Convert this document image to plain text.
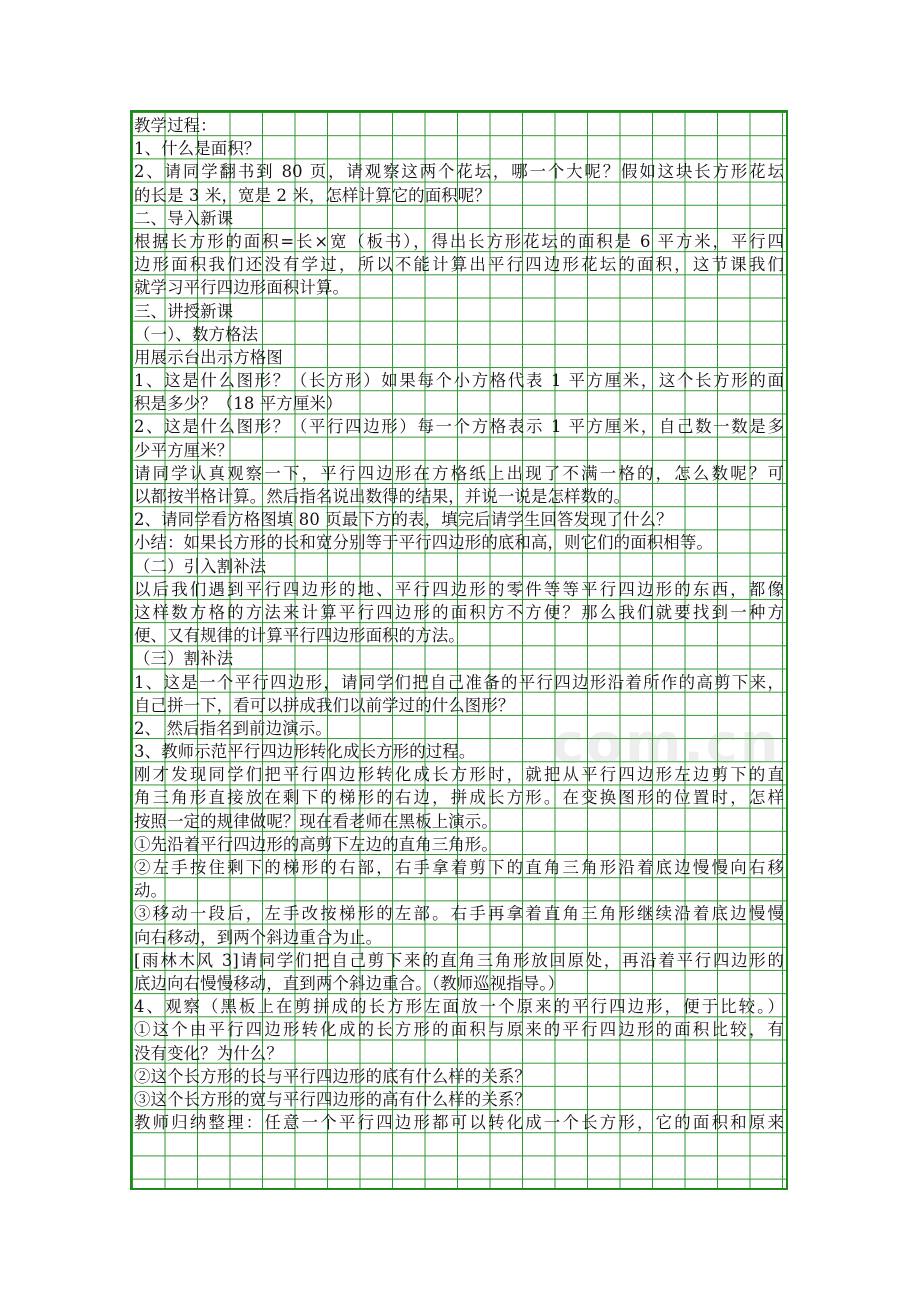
com.cn
教学过程：
1、什么是面积？
2、请同学翻书到 80 页，请观察这两个花坛，哪一个大呢？假如这块长方形花坛
的长是 3 米，宽是 2 米，怎样计算它的面积呢？
二、导入新课
根据长方形的面积=长×宽（板书），得出长方形花坛的面积是 6 平方米，平行四
边形面积我们还没有学过，所以不能计算出平行四边形花坛的面积，这节课我们
就学习平行四边形面积计算。
三、讲授新课
（一）、数方格法
用展示台出示方格图
1、这是什么图形？（长方形）如果每个小方格代表 1 平方厘米，这个长方形的面
积是多少？（18 平方厘米）
2、这是什么图形？（平行四边形）每一个方格表示 1 平方厘米，自己数一数是多
少平方厘米？
请同学认真观察一下，平行四边形在方格纸上出现了不满一格的，怎么数呢？可
以都按半格计算。然后指名说出数得的结果，并说一说是怎样数的。
2、请同学看方格图填 80 页最下方的表，填完后请学生回答发现了什么？
小结：如果长方形的长和宽分别等于平行四边形的底和高，则它们的面积相等。
（二）引入割补法
以后我们遇到平行四边形的地、平行四边形的零件等等平行四边形的东西，都像
这样数方格的方法来计算平行四边形的面积方不方便？那么我们就要找到一种方
便、又有规律的计算平行四边形面积的方法。
（三）割补法
1、这是一个平行四边形，请同学们把自己准备的平行四边形沿着所作的高剪下来，
自己拼一下，看可以拼成我们以前学过的什么图形？
2、 然后指名到前边演示。
3、教师示范平行四边形转化成长方形的过程。
刚才发现同学们把平行四边形转化成长方形时，就把从平行四边形左边剪下的直
角三角形直接放在剩下的梯形的右边，拼成长方形。在变换图形的位置时，怎样
按照一定的规律做呢？现在看老师在黑板上演示。
①先沿着平行四边形的高剪下左边的直角三角形。
②左手按住剩下的梯形的右部，右手拿着剪下的直角三角形沿着底边慢慢向右移
动。
③移动一段后，左手改按梯形的左部。右手再拿着直角三角形继续沿着底边慢慢
向右移动，到两个斜边重合为止。
[雨林木风 3]请同学们把自己剪下来的直角三角形放回原处，再沿着平行四边形的
底边向右慢慢移动，直到两个斜边重合。（教师巡视指导。）
4、观察（黑板上在剪拼成的长方形左面放一个原来的平行四边形，便于比较。）
①这个由平行四边形转化成的长方形的面积与原来的平行四边形的面积比较，有
没有变化？为什么？
②这个长方形的长与平行四边形的底有什么样的关系？
③这个长方形的宽与平行四边形的高有什么样的关系？
教师归纳整理：任意一个平行四边形都可以转化成一个长方形，它的面积和原来
